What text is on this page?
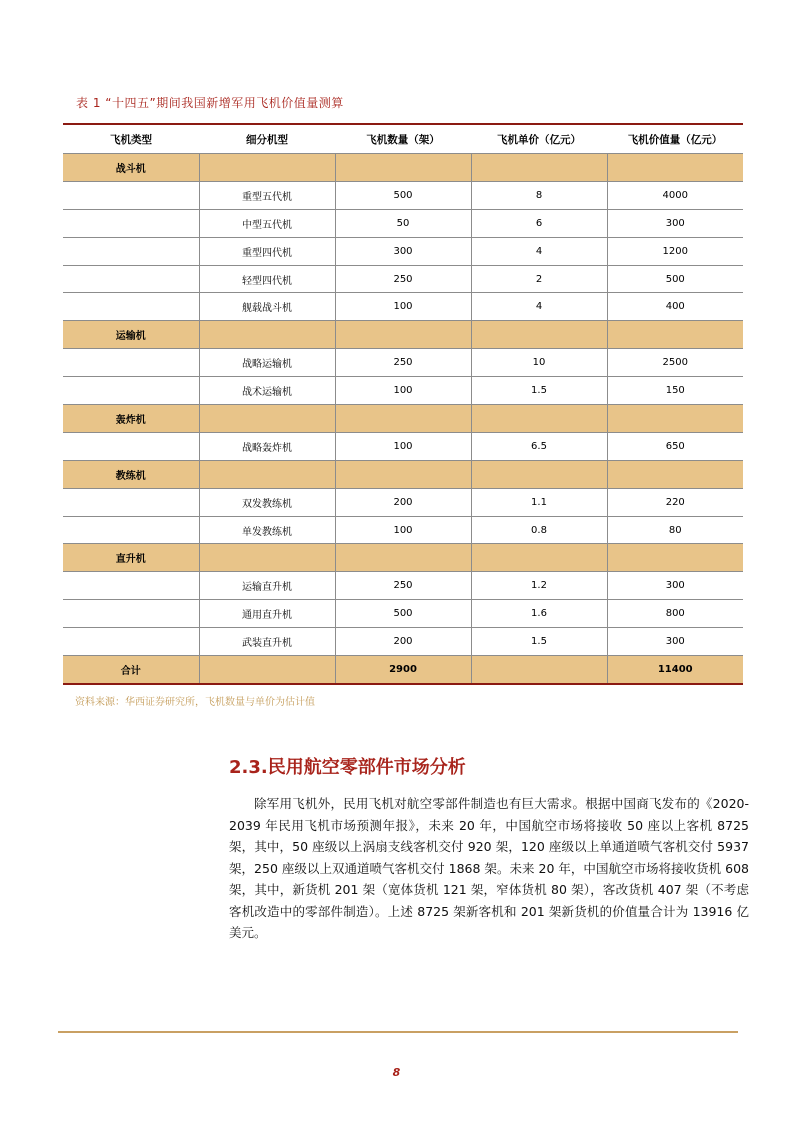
表 1 “十四五”期间我国新增军用飞机价值量测算
飞机类型	细分机型	飞机数量（架）	飞机单价（亿元）	飞机价值量（亿元）
战斗机				
	重型五代机	500	8	4000
	中型五代机	50	6	300
	重型四代机	300	4	1200
	轻型四代机	250	2	500
	舰载战斗机	100	4	400
运输机				
	战略运输机	250	10	2500
	战术运输机	100	1.5	150
轰炸机				
	战略轰炸机	100	6.5	650
教练机				
	双发教练机	200	1.1	220
	单发教练机	100	0.8	80
直升机				
	运输直升机	250	1.2	300
	通用直升机	500	1.6	800
	武装直升机	200	1.5	300
合计		2900		11400
资料来源：华西证券研究所，飞机数量与单价为估计值
2.3.民用航空零部件市场分析
除军用飞机外，民用飞机对航空零部件制造也有巨大需求。根据中国商飞发布的《2020-2039 年民用飞机市场预测年报》，未来 20 年，中国航空市场将接收 50 座以上客机 8725 架，其中，50 座级以上涡扇支线客机交付 920 架，120 座级以上单通道喷气客机交付 5937 架，250 座级以上双通道喷气客机交付 1868 架。未来 20 年，中国航空市场将接收货机 608 架，其中，新货机 201 架（宽体货机 121 架，窄体货机 80 架），客改货机 407 架（不考虑客机改造中的零部件制造）。上述 8725 架新客机和 201 架新货机的价值量合计为 13916 亿美元。
8
